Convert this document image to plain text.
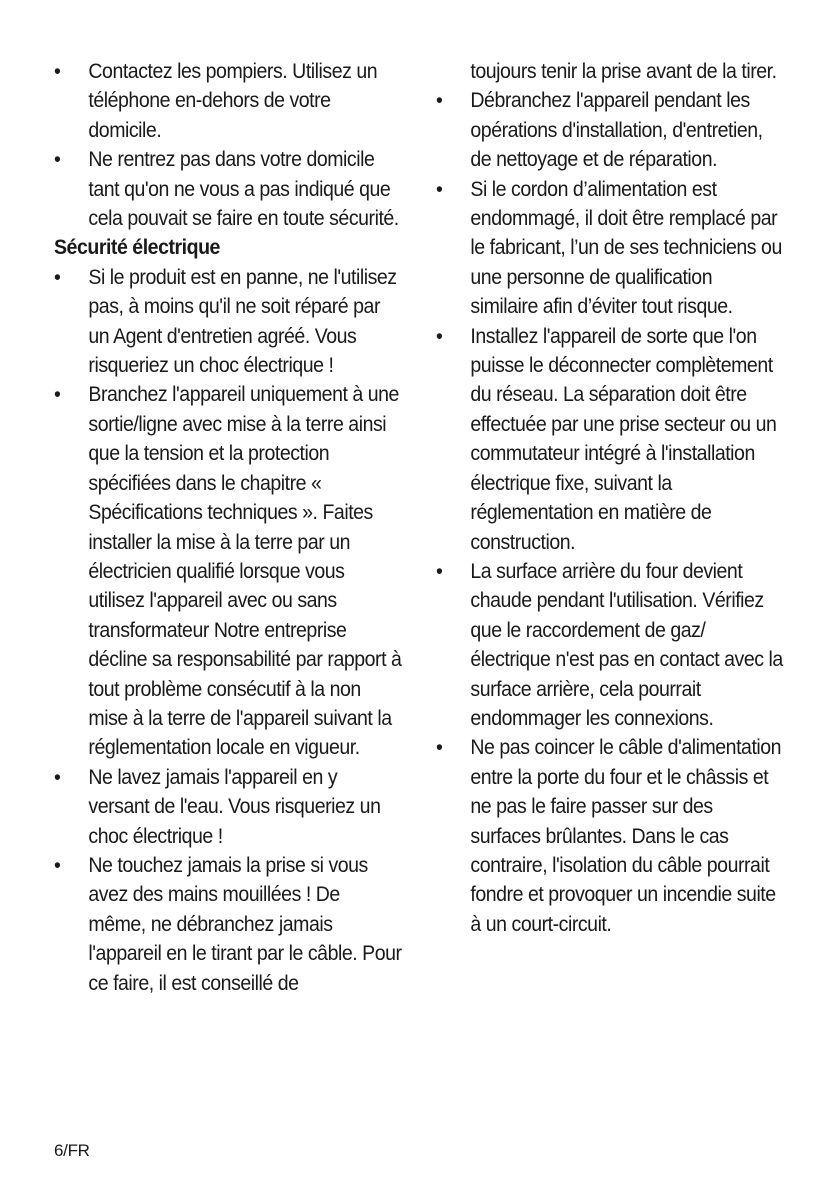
•	Contactez les pompiers. Utilisez un téléphone en-dehors de votre domicile.

•	Ne rentrez pas dans votre domicile tant qu'on ne vous a pas indiqué que cela pouvait se faire en toute sécurité.

Sécurité électrique

•	Si le produit est en panne, ne l'utilisez pas, à moins qu'il ne soit réparé par un Agent d'entretien agréé. Vous risqueriez un choc électrique !

•	Branchez l'appareil uniquement à une sortie/ligne avec mise à la terre ainsi que la tension et la protection spécifiées dans le chapitre « Spécifications techniques ». Faites installer la mise à la terre par un électricien qualifié lorsque vous utilisez l'appareil avec ou sans transformateur Notre entreprise décline sa responsabilité par rapport à tout problème consécutif à la non mise à la terre de l'appareil suivant la réglementation locale en vigueur.

•	Ne lavez jamais l'appareil en y versant de l'eau. Vous risqueriez un choc électrique !

•	Ne touchez jamais la prise si vous avez des mains mouillées ! De même, ne débranchez jamais l'appareil en le tirant par le câble. Pour ce faire, il est conseillé de

toujours tenir la prise avant de la tirer.

•	Débranchez l'appareil pendant les opérations d'installation, d'entretien, de nettoyage et de réparation.

•	Si le cordon d’alimentation est endommagé, il doit être remplacé par le fabricant, l’un de ses techniciens ou une personne de qualification similaire afin d’éviter tout risque.

•	Installez l'appareil de sorte que l'on puisse le déconnecter complètement du réseau. La séparation doit être effectuée par une prise secteur ou un commutateur intégré à l'installation électrique fixe, suivant la réglementation en matière de construction.

•	La surface arrière du four devient chaude pendant l'utilisation. Vérifiez que le raccordement de gaz/électrique n'est pas en contact avec la surface arrière, cela pourrait endommager les connexions.

•	Ne pas coincer le câble d'alimentation entre la porte du four et le châssis et ne pas le faire passer sur des surfaces brûlantes. Dans le cas contraire, l'isolation du câble pourrait fondre et provoquer un incendie suite à un court-circuit.

6/FR
